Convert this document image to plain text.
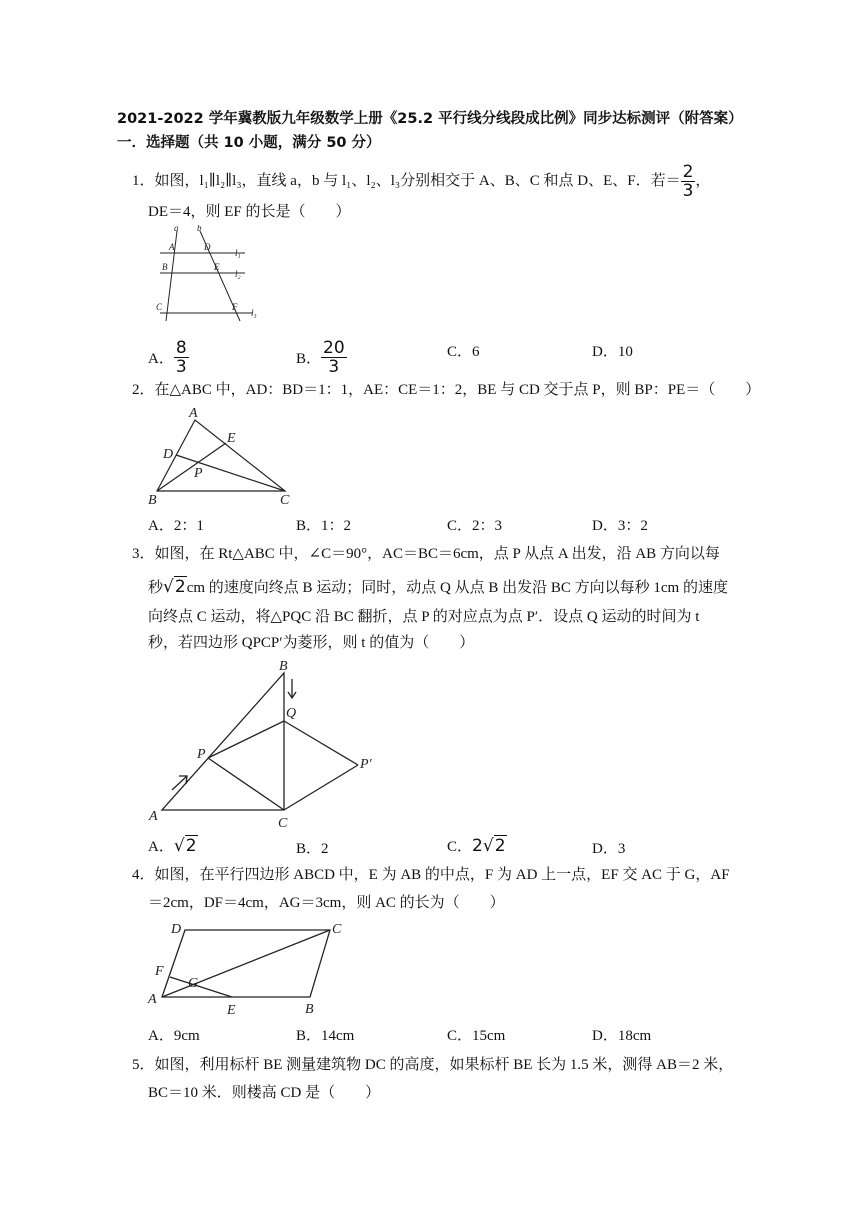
2021-2022 学年冀教版九年级数学上册《25.2 平行线分线段成比例》同步达标测评（附答案）
一．选择题（共 10 小题，满分 50 分）
1．如图，l₁∥l₂∥l₃，直线 a，b 与 l₁、l₂、l₃分别相交于 A、B、C 和点 D、E、F．若＝ $\frac{2}{3}$ ，
DE＝4，则 EF 的长是（　　）
a b
A	D
l₁
B	E
l₂
C	F
l₃
A． $\frac{8}{3}$	B． $\frac{20}{3}$	C．6	D．10
2．在△ABC 中，AD：BD＝1：1，AE：CE＝1：2，BE 与 CD 交于点 P，则 BP：PE＝（　　）
A
E
D
P
B	C
A．2：1	B．1：2	C．2：3	D．3：2
3．如图，在 Rt△ABC 中，∠C＝90°，AC＝BC＝6cm，点 P 从点 A 出发，沿 AB 方向以每
秒√2cm 的速度向终点 B 运动；同时，动点 Q 从点 B 出发沿 BC 方向以每秒 1cm 的速度
向终点 C 运动，将△PQC 沿 BC 翻折，点 P 的对应点为点 P′．设点 Q 运动的时间为 t
秒，若四边形 QPCP′为菱形，则 t 的值为（　　）
B
Q
P
P′
A	C
A．√2	B．2	C．2√2	D．3
4．如图，在平行四边形 ABCD 中，E 为 AB 的中点，F 为 AD 上一点，EF 交 AC 于 G，AF
＝2cm，DF＝4cm，AG＝3cm，则 AC 的长为（　　）
D	C
F
G
A
E	B
A．9cm	B．14cm	C．15cm	D．18cm
5．如图，利用标杆 BE 测量建筑物 DC 的高度，如果标杆 BE 长为 1.5 米，测得 AB＝2 米，
BC＝10 米．则楼高 CD 是（　　）
